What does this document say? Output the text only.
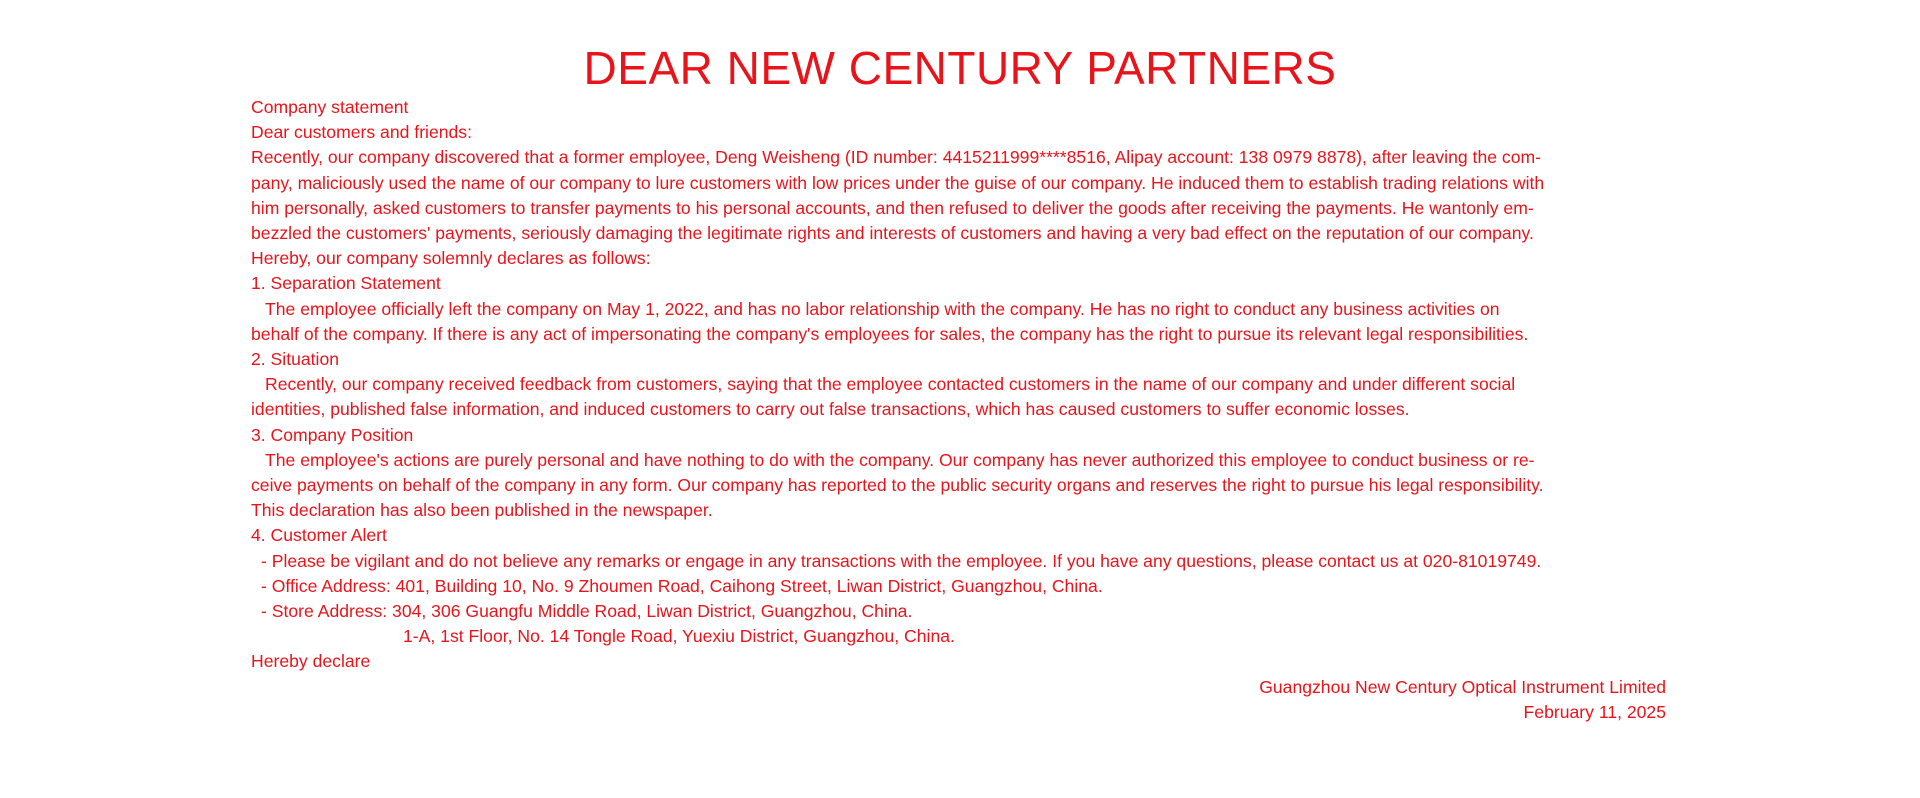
DEAR NEW CENTURY PARTNERS

Company statement

Dear customers and friends:

Recently, our company discovered that a former employee, Deng Weisheng (ID number: 4415211999****8516, Alipay account: 138 0979 8878), after leaving the com-

pany, maliciously used the name of our company to lure customers with low prices under the guise of our company. He induced them to establish trading relations with

him personally, asked customers to transfer payments to his personal accounts, and then refused to deliver the goods after receiving the payments. He wantonly em-

bezzled the customers' payments, seriously damaging the legitimate rights and interests of customers and having a very bad effect on the reputation of our company.

Hereby, our company solemnly declares as follows:

1. Separation Statement

The employee officially left the company on May 1, 2022, and has no labor relationship with the company. He has no right to conduct any business activities on

behalf of the company. If there is any act of impersonating the company's employees for sales, the company has the right to pursue its relevant legal responsibilities.

2. Situation

Recently, our company received feedback from customers, saying that the employee contacted customers in the name of our company and under different social

identities, published false information, and induced customers to carry out false transactions, which has caused customers to suffer economic losses.

3. Company Position

The employee's actions are purely personal and have nothing to do with the company. Our company has never authorized this employee to conduct business or re-

ceive payments on behalf of the company in any form. Our company has reported to the public security organs and reserves the right to pursue his legal responsibility.

This declaration has also been published in the newspaper.

4. Customer Alert

- Please be vigilant and do not believe any remarks or engage in any transactions with the employee. If you have any questions, please contact us at 020-81019749.

- Office Address: 401, Building 10, No. 9 Zhoumen Road, Caihong Street, Liwan District, Guangzhou, China.

- Store Address: 304, 306 Guangfu Middle Road, Liwan District, Guangzhou, China.

1-A, 1st Floor, No. 14 Tongle Road, Yuexiu District, Guangzhou, China.

Hereby declare

Guangzhou New Century Optical Instrument Limited

February 11, 2025
